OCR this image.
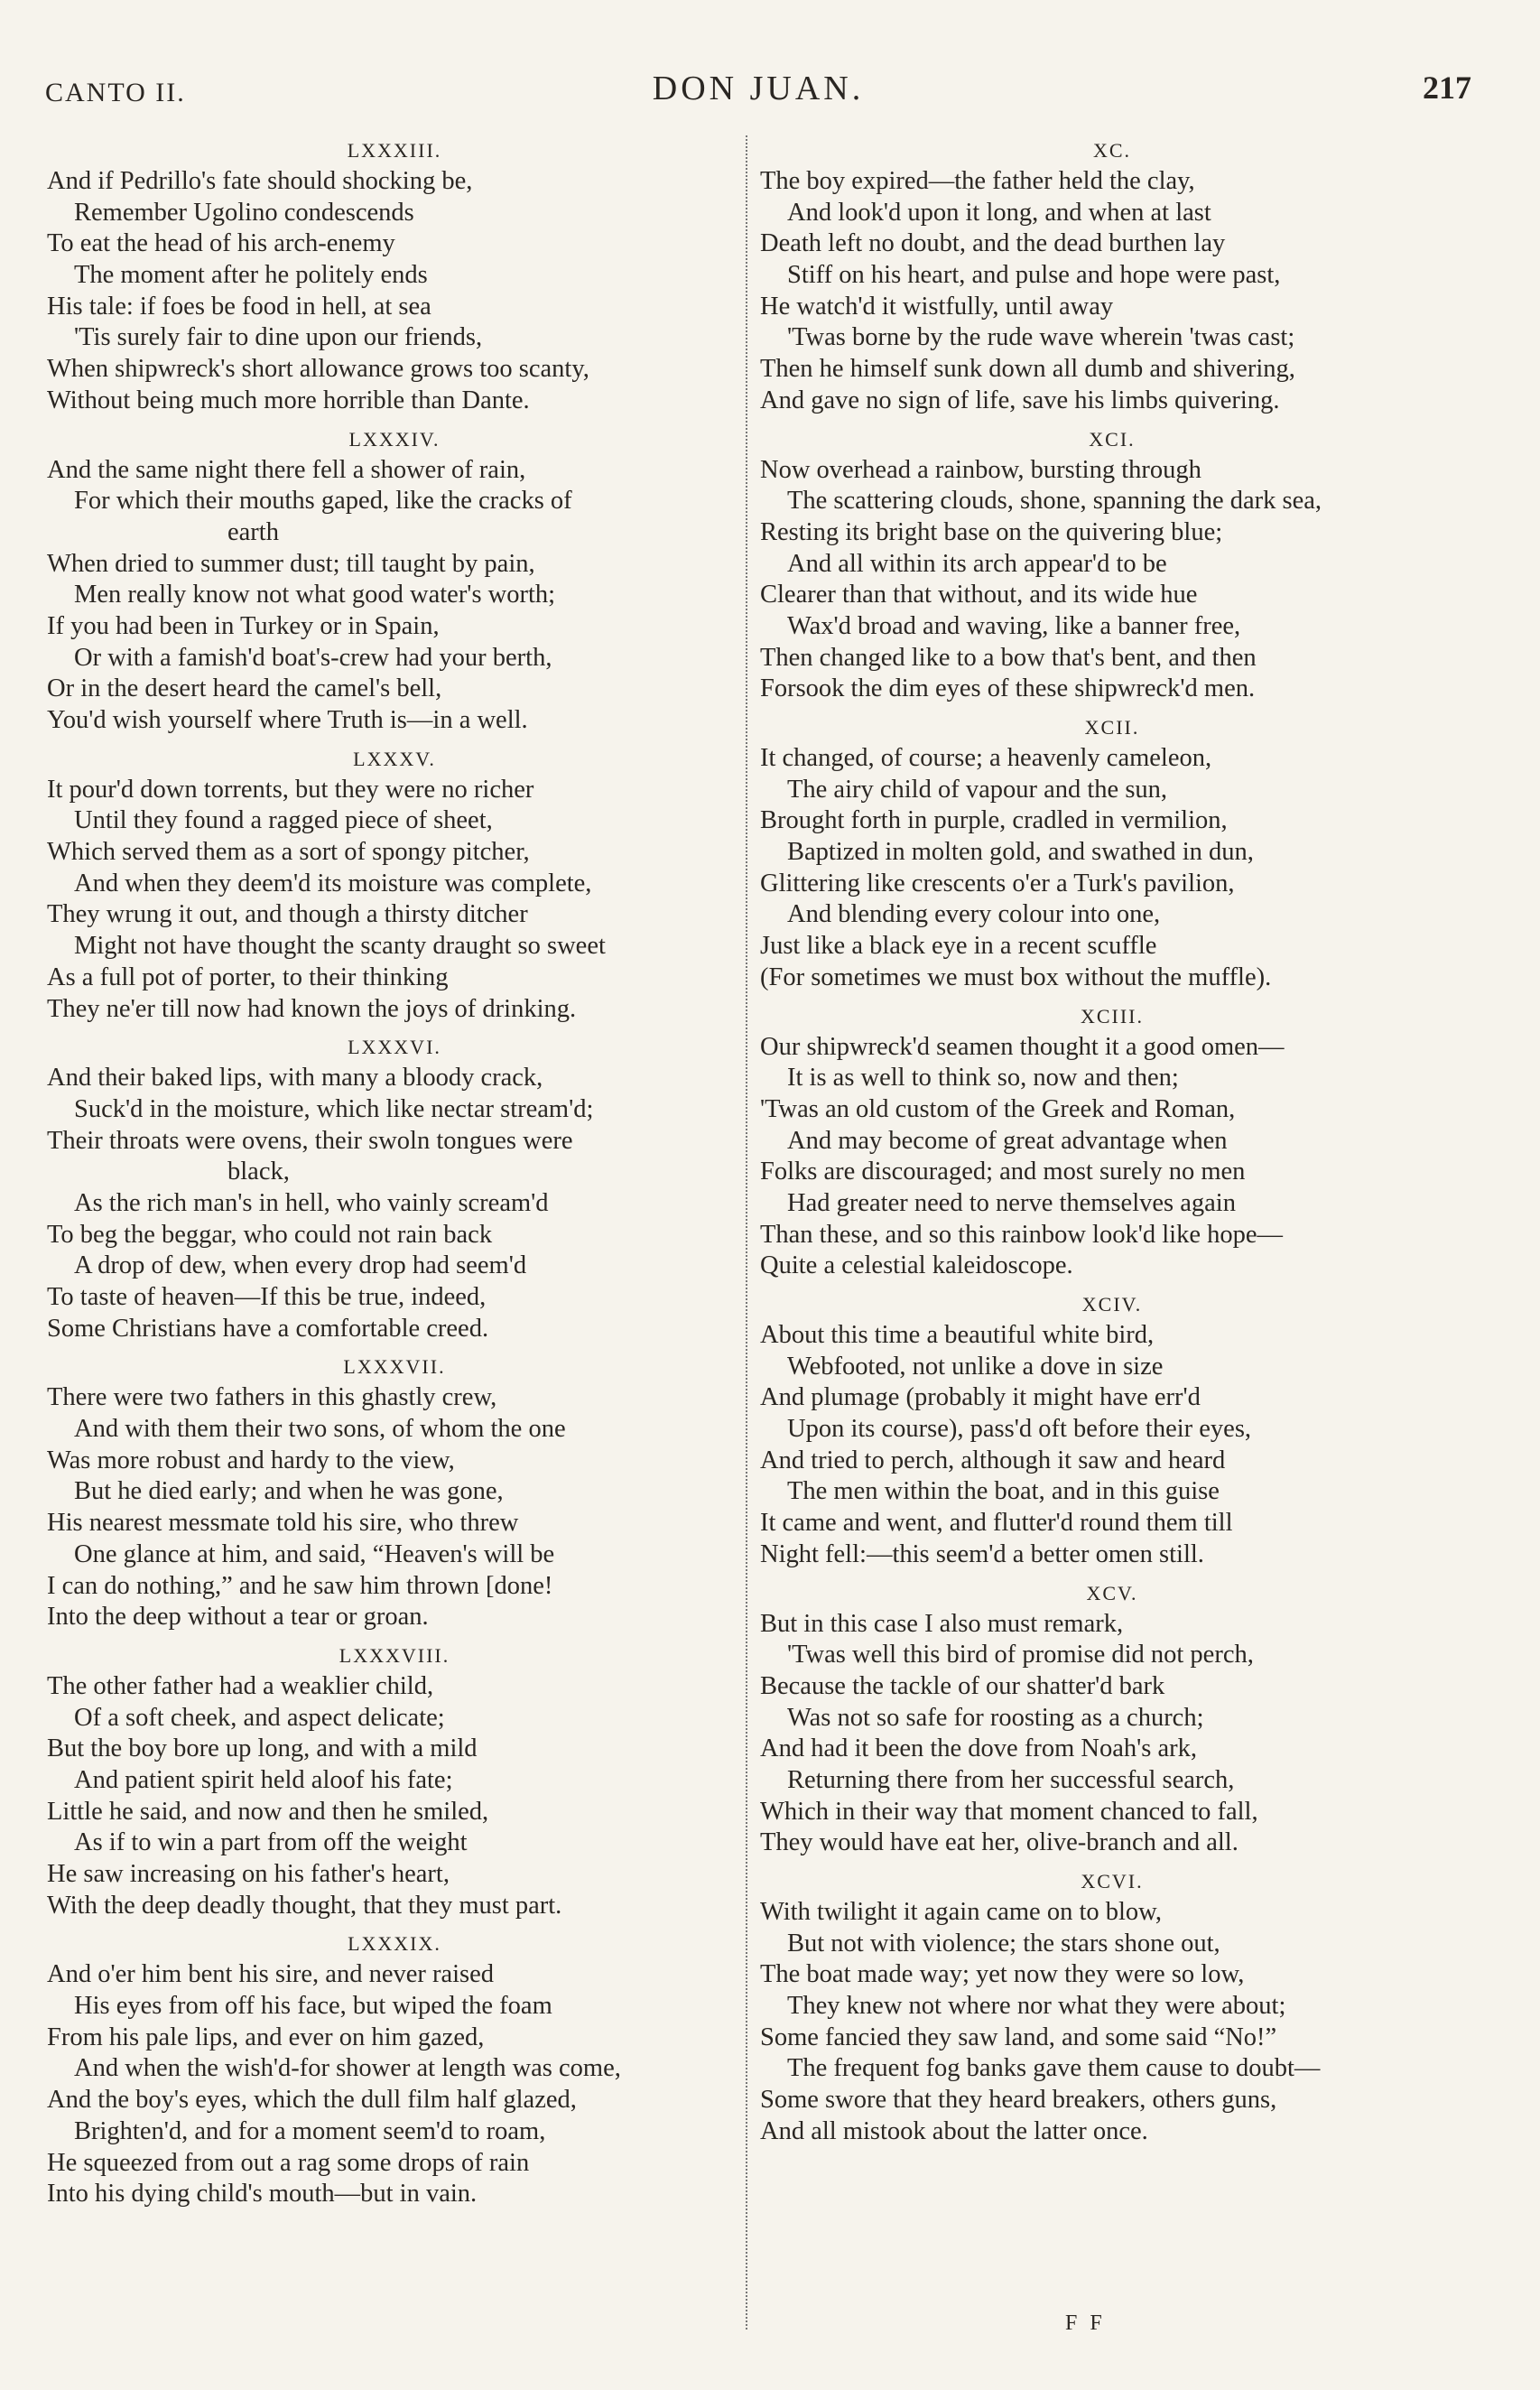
CANTO II.	DON JUAN.	217
LXXXIII.
And if Pedrillo's fate should shocking be,
Remember Ugolino condescends
To eat the head of his arch-enemy
The moment after he politely ends
His tale: if foes be food in hell, at sea
'Tis surely fair to dine upon our friends,
When shipwreck's short allowance grows too scanty,
Without being much more horrible than Dante.
LXXXIV.
And the same night there fell a shower of rain,
For which their mouths gaped, like the cracks of
earth
When dried to summer dust; till taught by pain,
Men really know not what good water's worth;
If you had been in Turkey or in Spain,
Or with a famish'd boat's-crew had your berth,
Or in the desert heard the camel's bell,
You'd wish yourself where Truth is—in a well.
LXXXV.
It pour'd down torrents, but they were no richer
Until they found a ragged piece of sheet,
Which served them as a sort of spongy pitcher,
And when they deem'd its moisture was complete,
They wrung it out, and though a thirsty ditcher
Might not have thought the scanty draught so sweet
As a full pot of porter, to their thinking
They ne'er till now had known the joys of drinking.
LXXXVI.
And their baked lips, with many a bloody crack,
Suck'd in the moisture, which like nectar stream'd;
Their throats were ovens, their swoln tongues were
black,
As the rich man's in hell, who vainly scream'd
To beg the beggar, who could not rain back
A drop of dew, when every drop had seem'd
To taste of heaven—If this be true, indeed,
Some Christians have a comfortable creed.
LXXXVII.
There were two fathers in this ghastly crew,
And with them their two sons, of whom the one
Was more robust and hardy to the view,
But he died early; and when he was gone,
His nearest messmate told his sire, who threw
One glance at him, and said, “Heaven's will be
I can do nothing,” and he saw him thrown [done!
Into the deep without a tear or groan.
LXXXVIII.
The other father had a weaklier child,
Of a soft cheek, and aspect delicate;
But the boy bore up long, and with a mild
And patient spirit held aloof his fate;
Little he said, and now and then he smiled,
As if to win a part from off the weight
He saw increasing on his father's heart,
With the deep deadly thought, that they must part.
LXXXIX.
And o'er him bent his sire, and never raised
His eyes from off his face, but wiped the foam
From his pale lips, and ever on him gazed,
And when the wish'd-for shower at length was come,
And the boy's eyes, which the dull film half glazed,
Brighten'd, and for a moment seem'd to roam,
He squeezed from out a rag some drops of rain
Into his dying child's mouth—but in vain.
XC.
The boy expired—the father held the clay,
And look'd upon it long, and when at last
Death left no doubt, and the dead burthen lay
Stiff on his heart, and pulse and hope were past,
He watch'd it wistfully, until away
'Twas borne by the rude wave wherein 'twas cast;
Then he himself sunk down all dumb and shivering,
And gave no sign of life, save his limbs quivering.
XCI.
Now overhead a rainbow, bursting through
The scattering clouds, shone, spanning the dark sea,
Resting its bright base on the quivering blue;
And all within its arch appear'd to be
Clearer than that without, and its wide hue
Wax'd broad and waving, like a banner free,
Then changed like to a bow that's bent, and then
Forsook the dim eyes of these shipwreck'd men.
XCII.
It changed, of course; a heavenly cameleon,
The airy child of vapour and the sun,
Brought forth in purple, cradled in vermilion,
Baptized in molten gold, and swathed in dun,
Glittering like crescents o'er a Turk's pavilion,
And blending every colour into one,
Just like a black eye in a recent scuffle
(For sometimes we must box without the muffle).
XCIII.
Our shipwreck'd seamen thought it a good omen—
It is as well to think so, now and then;
'Twas an old custom of the Greek and Roman,
And may become of great advantage when
Folks are discouraged; and most surely no men
Had greater need to nerve themselves again
Than these, and so this rainbow look'd like hope—
Quite a celestial kaleidoscope.
XCIV.
About this time a beautiful white bird,
Webfooted, not unlike a dove in size
And plumage (probably it might have err'd
Upon its course), pass'd oft before their eyes,
And tried to perch, although it saw and heard
The men within the boat, and in this guise
It came and went, and flutter'd round them till
Night fell:—this seem'd a better omen still.
XCV.
But in this case I also must remark,
'Twas well this bird of promise did not perch,
Because the tackle of our shatter'd bark
Was not so safe for roosting as a church;
And had it been the dove from Noah's ark,
Returning there from her successful search,
Which in their way that moment chanced to fall,
They would have eat her, olive-branch and all.
XCVI.
With twilight it again came on to blow,
But not with violence; the stars shone out,
The boat made way; yet now they were so low,
They knew not where nor what they were about;
Some fancied they saw land, and some said “No!”
The frequent fog banks gave them cause to doubt—
Some swore that they heard breakers, others guns,
And all mistook about the latter once.
F F
